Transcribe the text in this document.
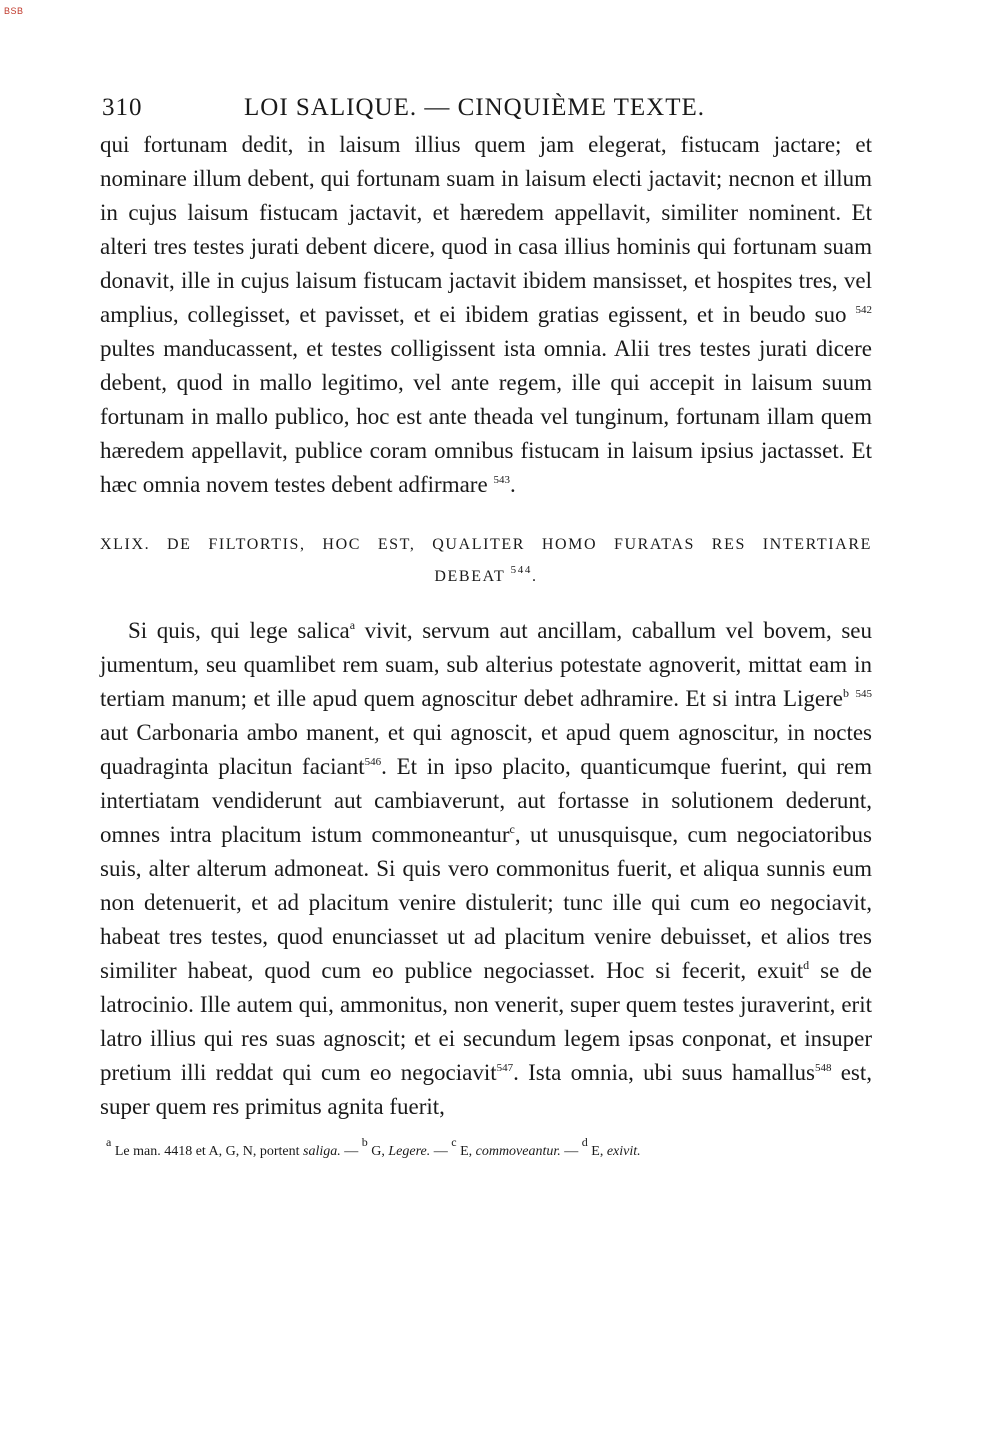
BSB
310	LOI SALIQUE. — CINQUIÈME TEXTE.

qui fortunam dedit, in laisum illius quem jam elegerat, fistucam jactare; et nominare illum debent, qui fortunam suam in laisum electi jactavit; necnon et illum in cujus laisum fistucam jactavit, et hæredem appellavit, similiter nominent. Et alteri tres testes jurati debent dicere, quod in casa illius hominis qui fortunam suam donavit, ille in cujus laisum fistucam jactavit ibidem mansisset, et hospites tres, vel amplius, collegisset, et pavisset, et ei ibidem gratias egissent, et in beudo suo $^{542}$ pultes manducassent, et testes colligissent ista omnia. Alii tres testes jurati dicere debent, quod in mallo legitimo, vel ante regem, ille qui accepit in laisum suum fortunam in mallo publico, hoc est ante theada vel tunginum, fortunam illam quem hæredem appellavit, publice coram omnibus fistucam in laisum ipsius jactasset. Et hæc omnia novem testes debent adfirmare $^{543}$.

XLIX. DE FILTORTIS, HOC EST, QUALITER HOMO FURATAS RES INTERTIARE
DEBEAT $^{544}$.

Si quis, qui lege salica$^a$ vivit, servum aut ancillam, caballum vel bovem, seu jumentum, seu quamlibet rem suam, sub alterius potestate agnoverit, mittat eam in tertiam manum; et ille apud quem agnoscitur debet adhramire. Et si intra Ligere$^b$ $^{545}$ aut Carbonaria ambo manent, et qui agnoscit, et apud quem agnoscitur, in noctes quadraginta placitun faciant$^{546}$. Et in ipso placito, quanticumque fuerint, qui rem intertiatam vendiderunt aut cambiaverunt, aut fortasse in solutionem dederunt, omnes intra placitum istum commoneantur$^c$, ut unusquisque, cum negociatoribus suis, alter alterum admoneat. Si quis vero commonitus fuerit, et aliqua sunnis eum non detenuerit, et ad placitum venire distulerit; tunc ille qui cum eo negociavit, habeat tres testes, quod enunciasset ut ad placitum venire debuisset, et alios tres similiter habeat, quod cum eo publice negociasset. Hoc si fecerit, exuit$^d$ se de latrocinio. Ille autem qui, ammonitus, non venerit, super quem testes juraverint, erit latro illius qui res suas agnoscit; et ei secundum legem ipsas conponat, et insuper pretium illi reddat qui cum eo negociavit$^{547}$. Ista omnia, ubi suus hamallus$^{548}$ est, super quem res primitus agnita fuerit,

$^a$ Le man. 4418 et A, G, N, portent saliga. — $^b$ G, Legere. — $^c$ E, commoveantur. — $^d$ E, exivit.
